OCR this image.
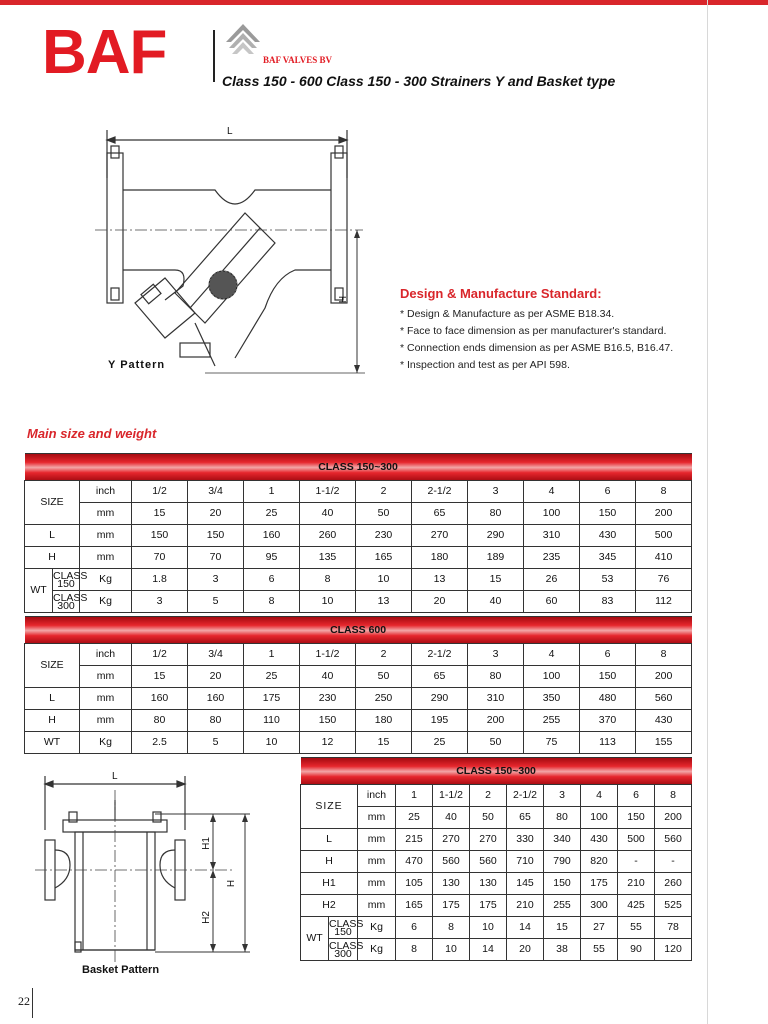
BAF	BAF VALVES BV
Class 150 - 600 Class 150 - 300 Strainers Y and Basket type
L
H
Y Pattern
Design & Manufacture Standard:
* Design & Manufacture as per ASME B18.34.
* Face to face dimension as per manufacturer's standard.
* Connection ends dimension as per ASME B16.5, B16.47.
* Inspection and test as per API 598.
Main size and weight
CLASS 150~300												
SIZE		inch	1/2	3/4	1	1-1/2	2	2-1/2	3	4	6	8
		mm	15	20	25	40	50	65	80	100	150	200
L		mm	150	150	160	260	230	270	290	310	430	500
H		mm	70	70	95	135	165	180	189	235	345	410
WT	CLASS 150	Kg	1.8	3	6	8	10	13	15	26	53	76
	CLASS 300	Kg	3	5	8	10	13	20	40	60	83	112
CLASS 600											
SIZE	inch	1/2	3/4	1	1-1/2	2	2-1/2	3	4	6	8
	mm	15	20	25	40	50	65	80	100	150	200
L	mm	160	160	175	230	250	290	310	350	480	560
H	mm	80	80	110	150	180	195	200	255	370	430
WT	Kg	2.5	5	10	12	15	25	50	75	113	155
L
H1
H2
H
Basket Pattern
CLASS 150~300										
SIZE		inch	1	1-1/2	2	2-1/2	3	4	6	8
		mm	25	40	50	65	80	100	150	200
L		mm	215	270	270	330	340	430	500	560
H		mm	470	560	560	710	790	820	-	-
H1		mm	105	130	130	145	150	175	210	260
H2		mm	165	175	175	210	255	300	425	525
WT	CLASS 150	Kg	6	8	10	14	15	27	55	78
	CLASS 300	Kg	8	10	14	20	38	55	90	120
22
